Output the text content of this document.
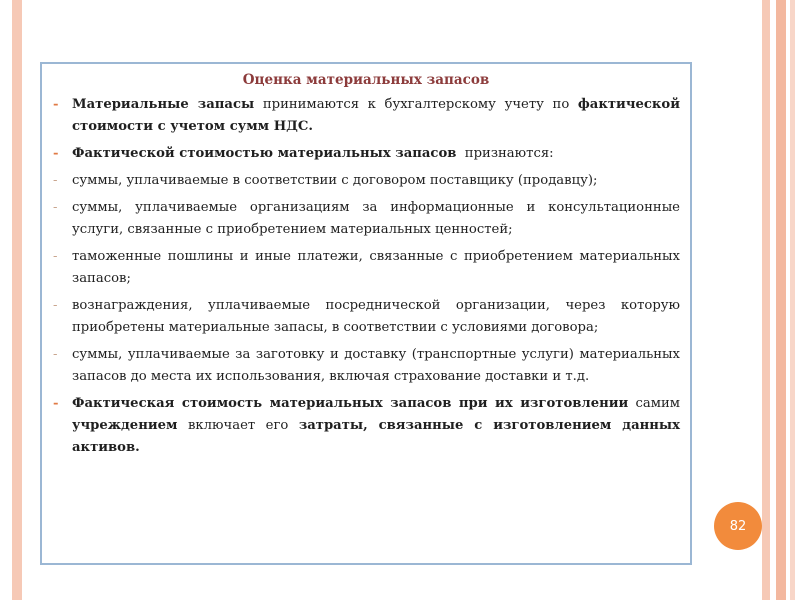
Оценка материальных запасов
- Материальные запасы принимаются к бухгалтерскому учету по фактической стоимости с учетом сумм НДС.
- Фактической стоимостью материальных запасов  признаются:
- суммы, уплачиваемые в соответствии с договором поставщику (продавцу);
- суммы, уплачиваемые организациям за информационные и консультационные услуги, связанные с приобретением материальных ценностей;
- таможенные пошлины и иные платежи, связанные с приобретением материальных запасов;
- вознаграждения, уплачиваемые посреднической организации, через которую приобретены материальные запасы, в соответствии с условиями договора;
- суммы, уплачиваемые за заготовку и доставку (транспортные услуги) материальных запасов до места их использования, включая страхование доставки и т.д.
- Фактическая стоимость материальных запасов при их изготовлении самим учреждением включает его затраты, связанные с изготовлением данных активов.
82
